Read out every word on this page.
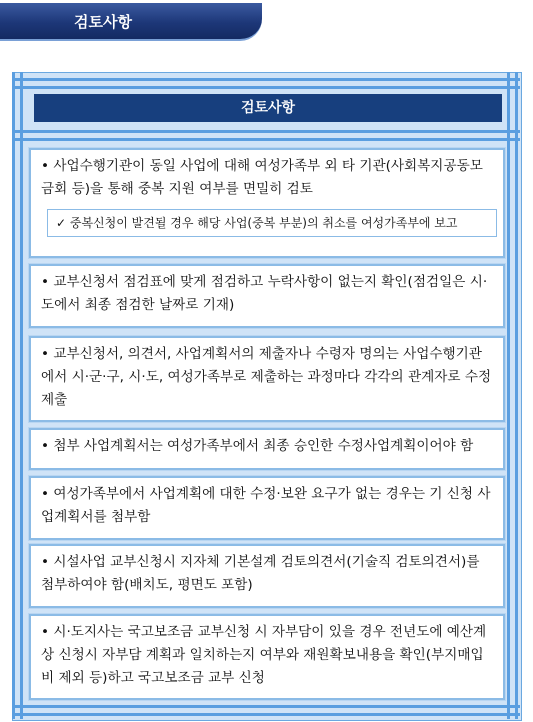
검토사항
검토사항
• 사업수행기관이 동일 사업에 대해 여성가족부 외 타 기관(사회복지공동모금회 등)을 통해 중복 지원 여부를 면밀히 검토
✓ 중복신청이 발견될 경우 해당 사업(중복 부분)의 취소를 여성가족부에 보고
• 교부신청서 점검표에 맞게 점검하고 누락사항이 없는지 확인(점검일은 시·도에서 최종 점검한 날짜로 기재)
• 교부신청서, 의견서, 사업계획서의 제출자나 수령자 명의는 사업수행기관에서 시·군·구, 시·도, 여성가족부로 제출하는 과정마다 각각의 관계자로 수정제출
• 첨부 사업계획서는 여성가족부에서 최종 승인한 수정사업계획이어야 함
• 여성가족부에서 사업계획에 대한 수정·보완 요구가 없는 경우는 기 신청 사업계획서를 첨부함
• 시설사업 교부신청시 지자체 기본설계 검토의견서(기술직 검토의견서)를 첨부하여야 함(배치도, 평면도 포함)
• 시·도지사는 국고보조금 교부신청 시 자부담이 있을 경우 전년도에 예산계상 신청시 자부담 계획과 일치하는지 여부와 재원확보내용을 확인(부지매입비 제외 등)하고 국고보조금 교부 신청
